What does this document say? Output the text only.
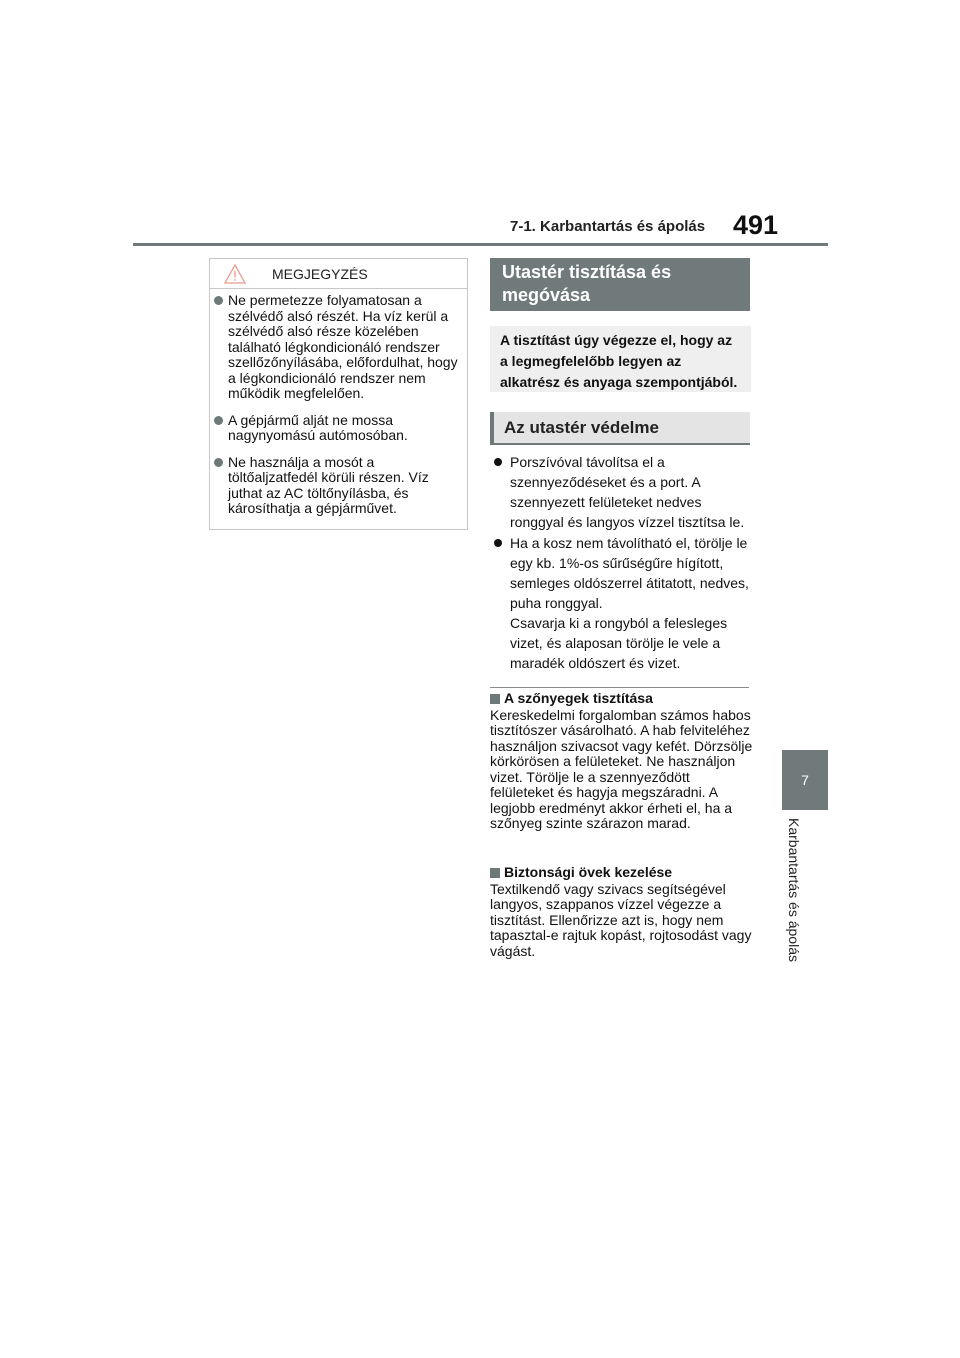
7-1. Karbantartás és ápolás 491
7
Karbantartás és ápolás
MEGJEGYZÉS
Ne permetezze folyamatosan a szélvédő alsó részét. Ha víz kerül a szélvédő alsó része közelében található légkondicionáló rendszer szellőzőnyílásába, előfordulhat, hogy a légkondicionáló rendszer nem működik megfelelően.
A gépjármű alját ne mossa nagynyomású autómosóban.
Ne használja a mosót a töltőaljzatfedél körüli részen. Víz juthat az AC töltőnyílásba, és károsíthatja a gépjárművet.
Utastér tisztítása és megóvása
A tisztítást úgy végezze el, hogy az a legmegfelelőbb legyen az alkatrész és anyaga szempontjából.
Az utastér védelme
Porszívóval távolítsa el a szennyeződéseket és a port. A szennyezett felületeket nedves ronggyal és langyos vízzel tisztítsa le.
Ha a kosz nem távolítható el, törölje le egy kb. 1%-os sűrűségűre hígított, semleges oldószerrel átitatott, nedves, puha ronggyal.
Csavarja ki a rongyból a felesleges vizet, és alaposan törölje le vele a maradék oldószert és vizet.
A szőnyegek tisztítása
Kereskedelmi forgalomban számos habos tisztítószer vásárolható. A hab felviteléhez használjon szivacsot vagy kefét. Dörzsölje körkörösen a felületeket. Ne használjon vizet. Törölje le a szennyeződött felületeket és hagyja megszáradni. A legjobb eredményt akkor érheti el, ha a szőnyeg szinte szárazon marad.
Biztonsági övek kezelése
Textilkendő vagy szivacs segítségével langyos, szappanos vízzel végezze a tisztítást. Ellenőrizze azt is, hogy nem tapasztal-e rajtuk kopást, rojtosodást vagy vágást.
